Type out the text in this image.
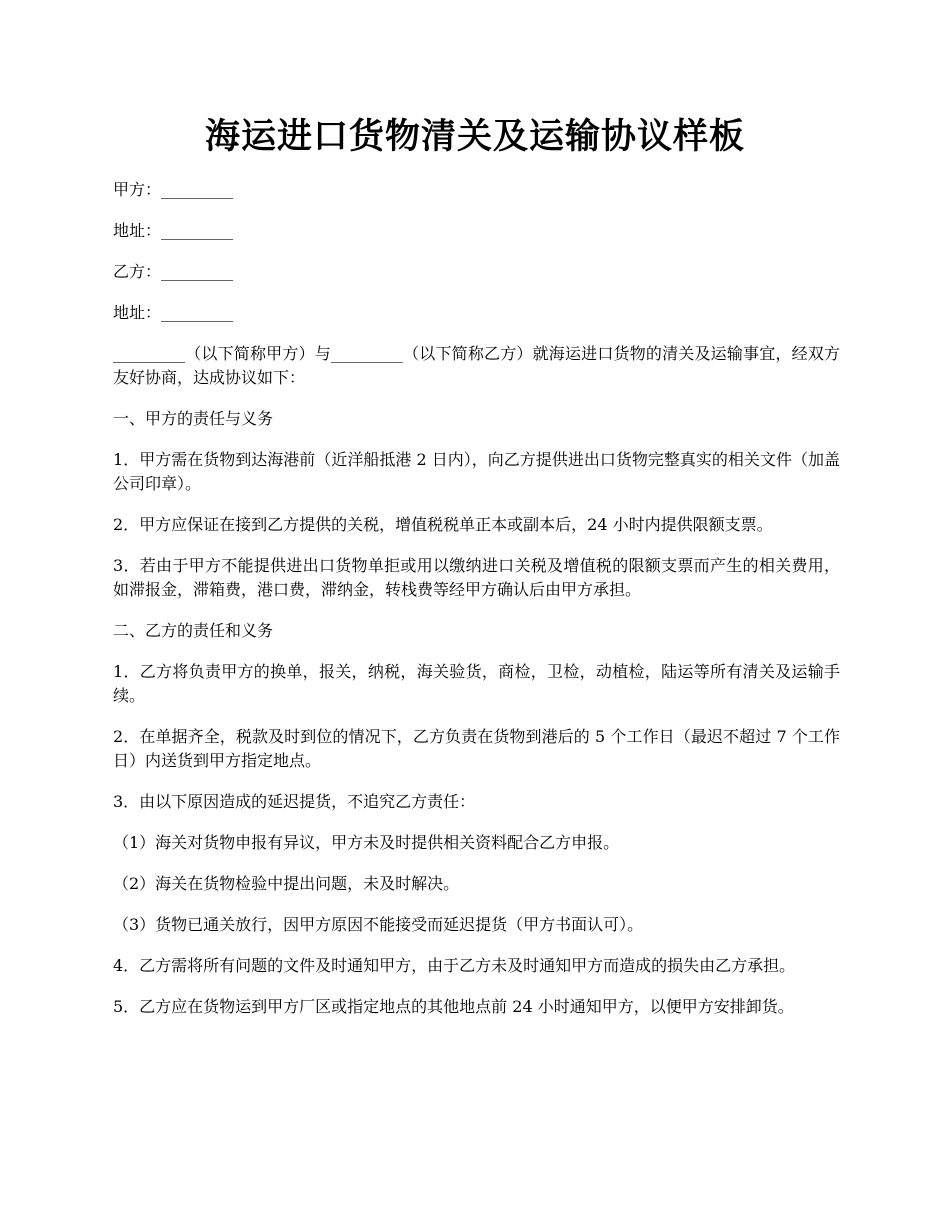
海运进口货物清关及运输协议样板

甲方：_________

地址：_________

乙方：_________

地址：_________

_________（以下简称甲方）与_________（以下简称乙方）就海运进口货物的清关及运输事宜，经双方友好协商，达成协议如下：

一、甲方的责任与义务

1．甲方需在货物到达海港前（近洋船抵港 2 日内），向乙方提供进出口货物完整真实的相关文件（加盖公司印章）。

2．甲方应保证在接到乙方提供的关税，增值税税单正本或副本后，24 小时内提供限额支票。

3．若由于甲方不能提供进出口货物单拒或用以缴纳进口关税及增值税的限额支票而产生的相关费用，如滞报金，滞箱费，港口费，滞纳金，转栈费等经甲方确认后由甲方承担。

二、乙方的责任和义务

1．乙方将负责甲方的换单，报关，纳税，海关验货，商检，卫检，动植检，陆运等所有清关及运输手续。

2．在单据齐全，税款及时到位的情况下，乙方负责在货物到港后的 5 个工作日（最迟不超过 7 个工作日）内送货到甲方指定地点。

3．由以下原因造成的延迟提货，不追究乙方责任：

（1）海关对货物申报有异议，甲方未及时提供相关资料配合乙方申报。

（2）海关在货物检验中提出问题，未及时解决。

（3）货物已通关放行，因甲方原因不能接受而延迟提货（甲方书面认可）。

4．乙方需将所有问题的文件及时通知甲方，由于乙方未及时通知甲方而造成的损失由乙方承担。

5．乙方应在货物运到甲方厂区或指定地点的其他地点前 24 小时通知甲方，以便甲方安排卸货。
